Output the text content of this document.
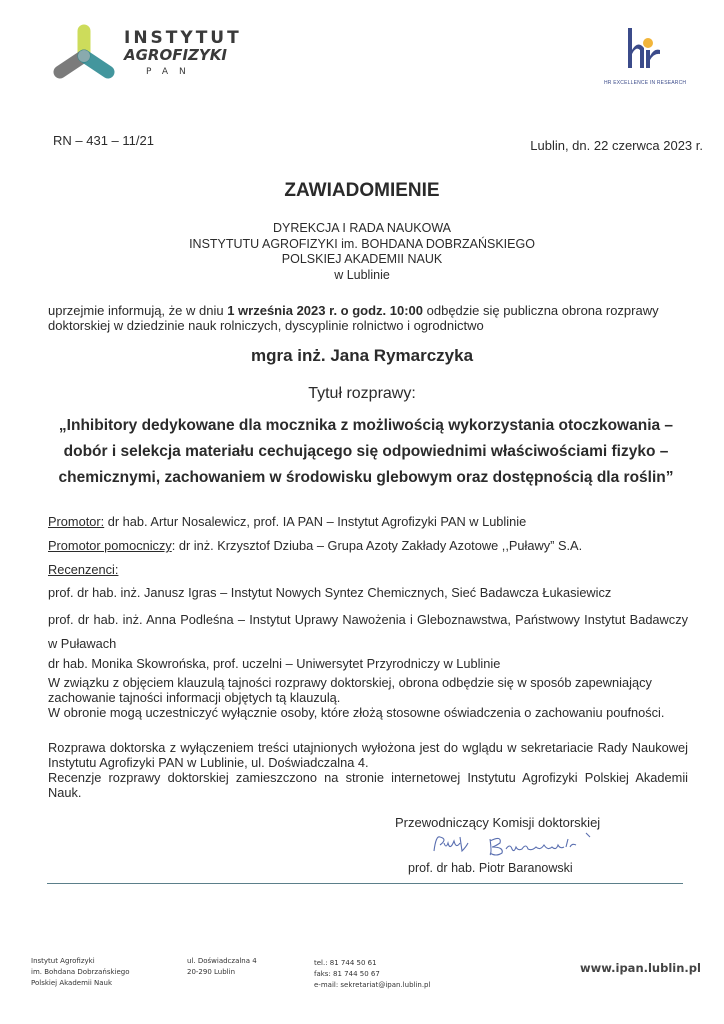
INSTYTUT
AGROFIZYKI
PAN
HR EXCELLENCE IN RESEARCH
RN – 431 – 11/21	Lublin, dn. 22 czerwca 2023 r.
ZAWIADOMIENIE
DYREKCJA I RADA NAUKOWA
INSTYTUTU AGROFIZYKI im. BOHDANA DOBRZAŃSKIEGO
POLSKIEJ AKADEMII NAUK
w Lublinie
uprzejmie informują, że w dniu 1 września 2023 r. o godz. 10:00 odbędzie się publiczna obrona rozprawy doktorskiej w dziedzinie nauk rolniczych, dyscyplinie rolnictwo i ogrodnictwo
mgra inż. Jana Rymarczyka
Tytuł rozprawy:
„Inhibitory dedykowane dla mocznika z możliwością wykorzystania otoczkowania – dobór i selekcja materiału cechującego się odpowiednimi właściwościami fizyko – chemicznymi, zachowaniem w środowisku glebowym oraz dostępnością dla roślin”
Promotor: dr hab. Artur Nosalewicz, prof. IA PAN – Instytut Agrofizyki PAN w Lublinie
Promotor pomocniczy: dr inż. Krzysztof Dziuba – Grupa Azoty Zakłady Azotowe ,,Puławy” S.A.
Recenzenci:
prof. dr hab. inż. Janusz Igras – Instytut Nowych Syntez Chemicznych, Sieć Badawcza Łukasiewicz
prof. dr hab. inż. Anna Podleśna – Instytut Uprawy Nawożenia i Gleboznawstwa, Państwowy Instytut Badawczy w Puławach
dr hab. Monika Skowrońska, prof. uczelni – Uniwersytet Przyrodniczy w Lublinie
W związku z objęciem klauzulą tajności rozprawy doktorskiej, obrona odbędzie się w sposób zapewniający zachowanie tajności informacji objętych tą klauzulą.
W obronie mogą uczestniczyć wyłącznie osoby, które złożą stosowne oświadczenia o zachowaniu poufności.
Rozprawa doktorska z wyłączeniem treści utajnionych wyłożona jest do wglądu w sekretariacie Rady Naukowej Instytutu Agrofizyki PAN w Lublinie, ul. Doświadczalna 4.
Recenzje rozprawy doktorskiej zamieszczono na stronie internetowej Instytutu Agrofizyki Polskiej Akademii Nauk.
Przewodniczący Komisji doktorskiej
prof. dr hab. Piotr Baranowski
Instytut Agrofizyki
im. Bohdana Dobrzańskiego
Polskiej Akademii Nauk
ul. Doświadczalna 4
20-290 Lublin
tel.: 81 744 50 61
faks: 81 744 50 67
e-mail: sekretariat@ipan.lublin.pl
www.ipan.lublin.pl
